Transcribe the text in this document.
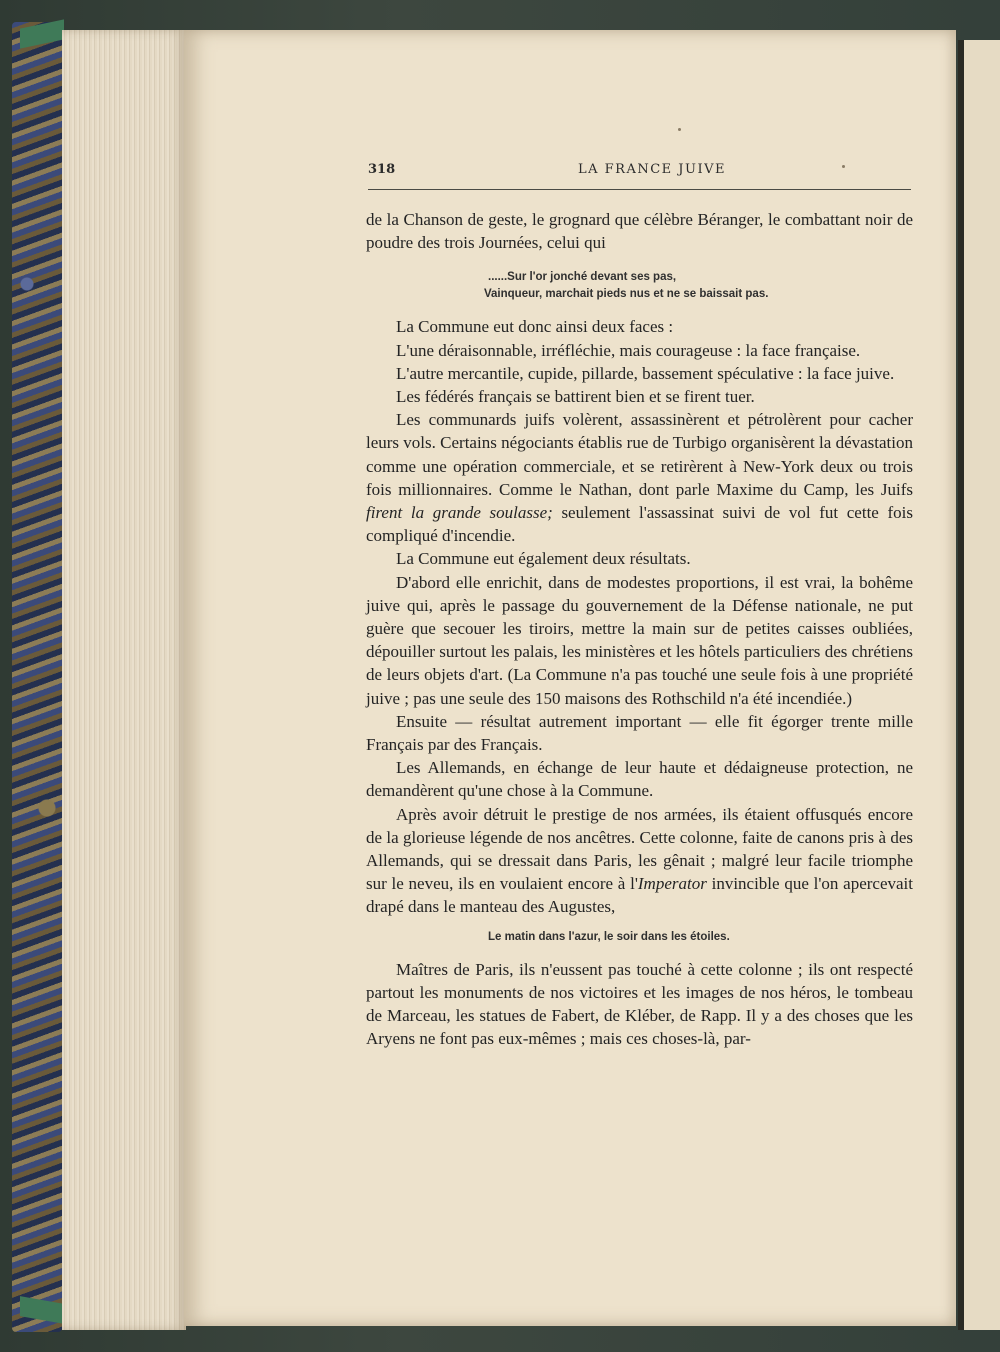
318	LA FRANCE JUIVE

de la Chanson de geste, le grognard que célèbre Béranger, le combattant noir de poudre des trois Journées, celui qui

......Sur l'or jonché devant ses pas,
Vainqueur, marchait pieds nus et ne se baissait pas.

La Commune eut donc ainsi deux faces :

L'une déraisonnable, irréfléchie, mais courageuse : la face française.

L'autre mercantile, cupide, pillarde, bassement spéculative : la face juive.

Les fédérés français se battirent bien et se firent tuer.

Les communards juifs volèrent, assassinèrent et pétrolèrent pour cacher leurs vols. Certains négociants établis rue de Turbigo organisèrent la dévastation comme une opération commerciale, et se retirèrent à New-York deux ou trois fois millionnaires. Comme le Nathan, dont parle Maxime du Camp, les Juifs firent la grande soulasse; seulement l'assassinat suivi de vol fut cette fois compliqué d'incendie.

La Commune eut également deux résultats.

D'abord elle enrichit, dans de modestes proportions, il est vrai, la bohême juive qui, après le passage du gouvernement de la Défense nationale, ne put guère que secouer les tiroirs, mettre la main sur de petites caisses oubliées, dépouiller surtout les palais, les ministères et les hôtels particuliers des chrétiens de leurs objets d'art. (La Commune n'a pas touché une seule fois à une propriété juive ; pas une seule des 150 maisons des Rothschild n'a été incendiée.)

Ensuite — résultat autrement important — elle fit égorger trente mille Français par des Français.

Les Allemands, en échange de leur haute et dédaigneuse protection, ne demandèrent qu'une chose à la Commune.

Après avoir détruit le prestige de nos armées, ils étaient offusqués encore de la glorieuse légende de nos ancêtres. Cette colonne, faite de canons pris à des Allemands, qui se dressait dans Paris, les gênait ; malgré leur facile triomphe sur le neveu, ils en voulaient encore à l'Imperator invincible que l'on apercevait drapé dans le manteau des Augustes,

Le matin dans l'azur, le soir dans les étoiles.

Maîtres de Paris, ils n'eussent pas touché à cette colonne ; ils ont respecté partout les monuments de nos victoires et les images de nos héros, le tombeau de Marceau, les statues de Fabert, de Kléber, de Rapp. Il y a des choses que les Aryens ne font pas eux-mêmes ; mais ces choses-là, par-
